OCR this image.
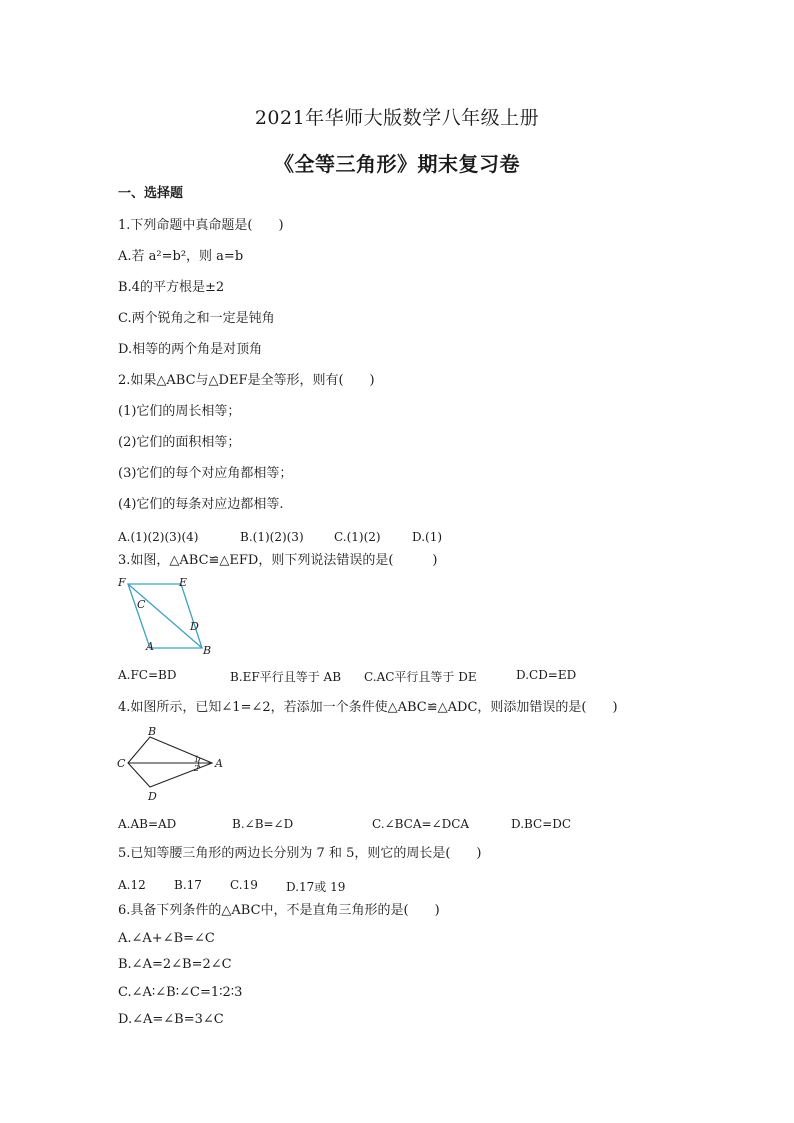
2021年华师大版数学八年级上册
《全等三角形》期末复习卷
一、选择题
1.下列命题中真命题是(　　)
A.若 a²=b²，则 a=b
B.4的平方根是±2
C.两个锐角之和一定是钝角
D.相等的两个角是对顶角
2.如果△ABC与△DEF是全等形，则有(　　)
(1)它们的周长相等；
(2)它们的面积相等；
(3)它们的每个对应角都相等；
(4)它们的每条对应边都相等.
A.(1)(2)(3)(4)	B.(1)(2)(3)	C.(1)(2)	D.(1)
3.如图，△ABC≌△EFD，则下列说法错误的是(　　　)
F	E
C
D
A	B
A.FC=BD	B.EF平行且等于 AB C.AC平行且等于 DE	D.CD=ED
4.如图所示，已知∠1=∠2，若添加一个条件使△ABC≌△ADC，则添加错误的是(　　)
B
C	A
D
1
2
A.AB=AD	B.∠B=∠D	C.∠BCA=∠DCA	D.BC=DC
5.已知等腰三角形的两边长分别为 7 和 5，则它的周长是(　　)
A.12 B.17 C.19 D.17或 19
6.具备下列条件的△ABC中，不是直角三角形的是(　　)
A.∠A+∠B=∠C
B.∠A=2∠B=2∠C
C.∠A∶∠B∶∠C=1∶2∶3
D.∠A=∠B=3∠C
